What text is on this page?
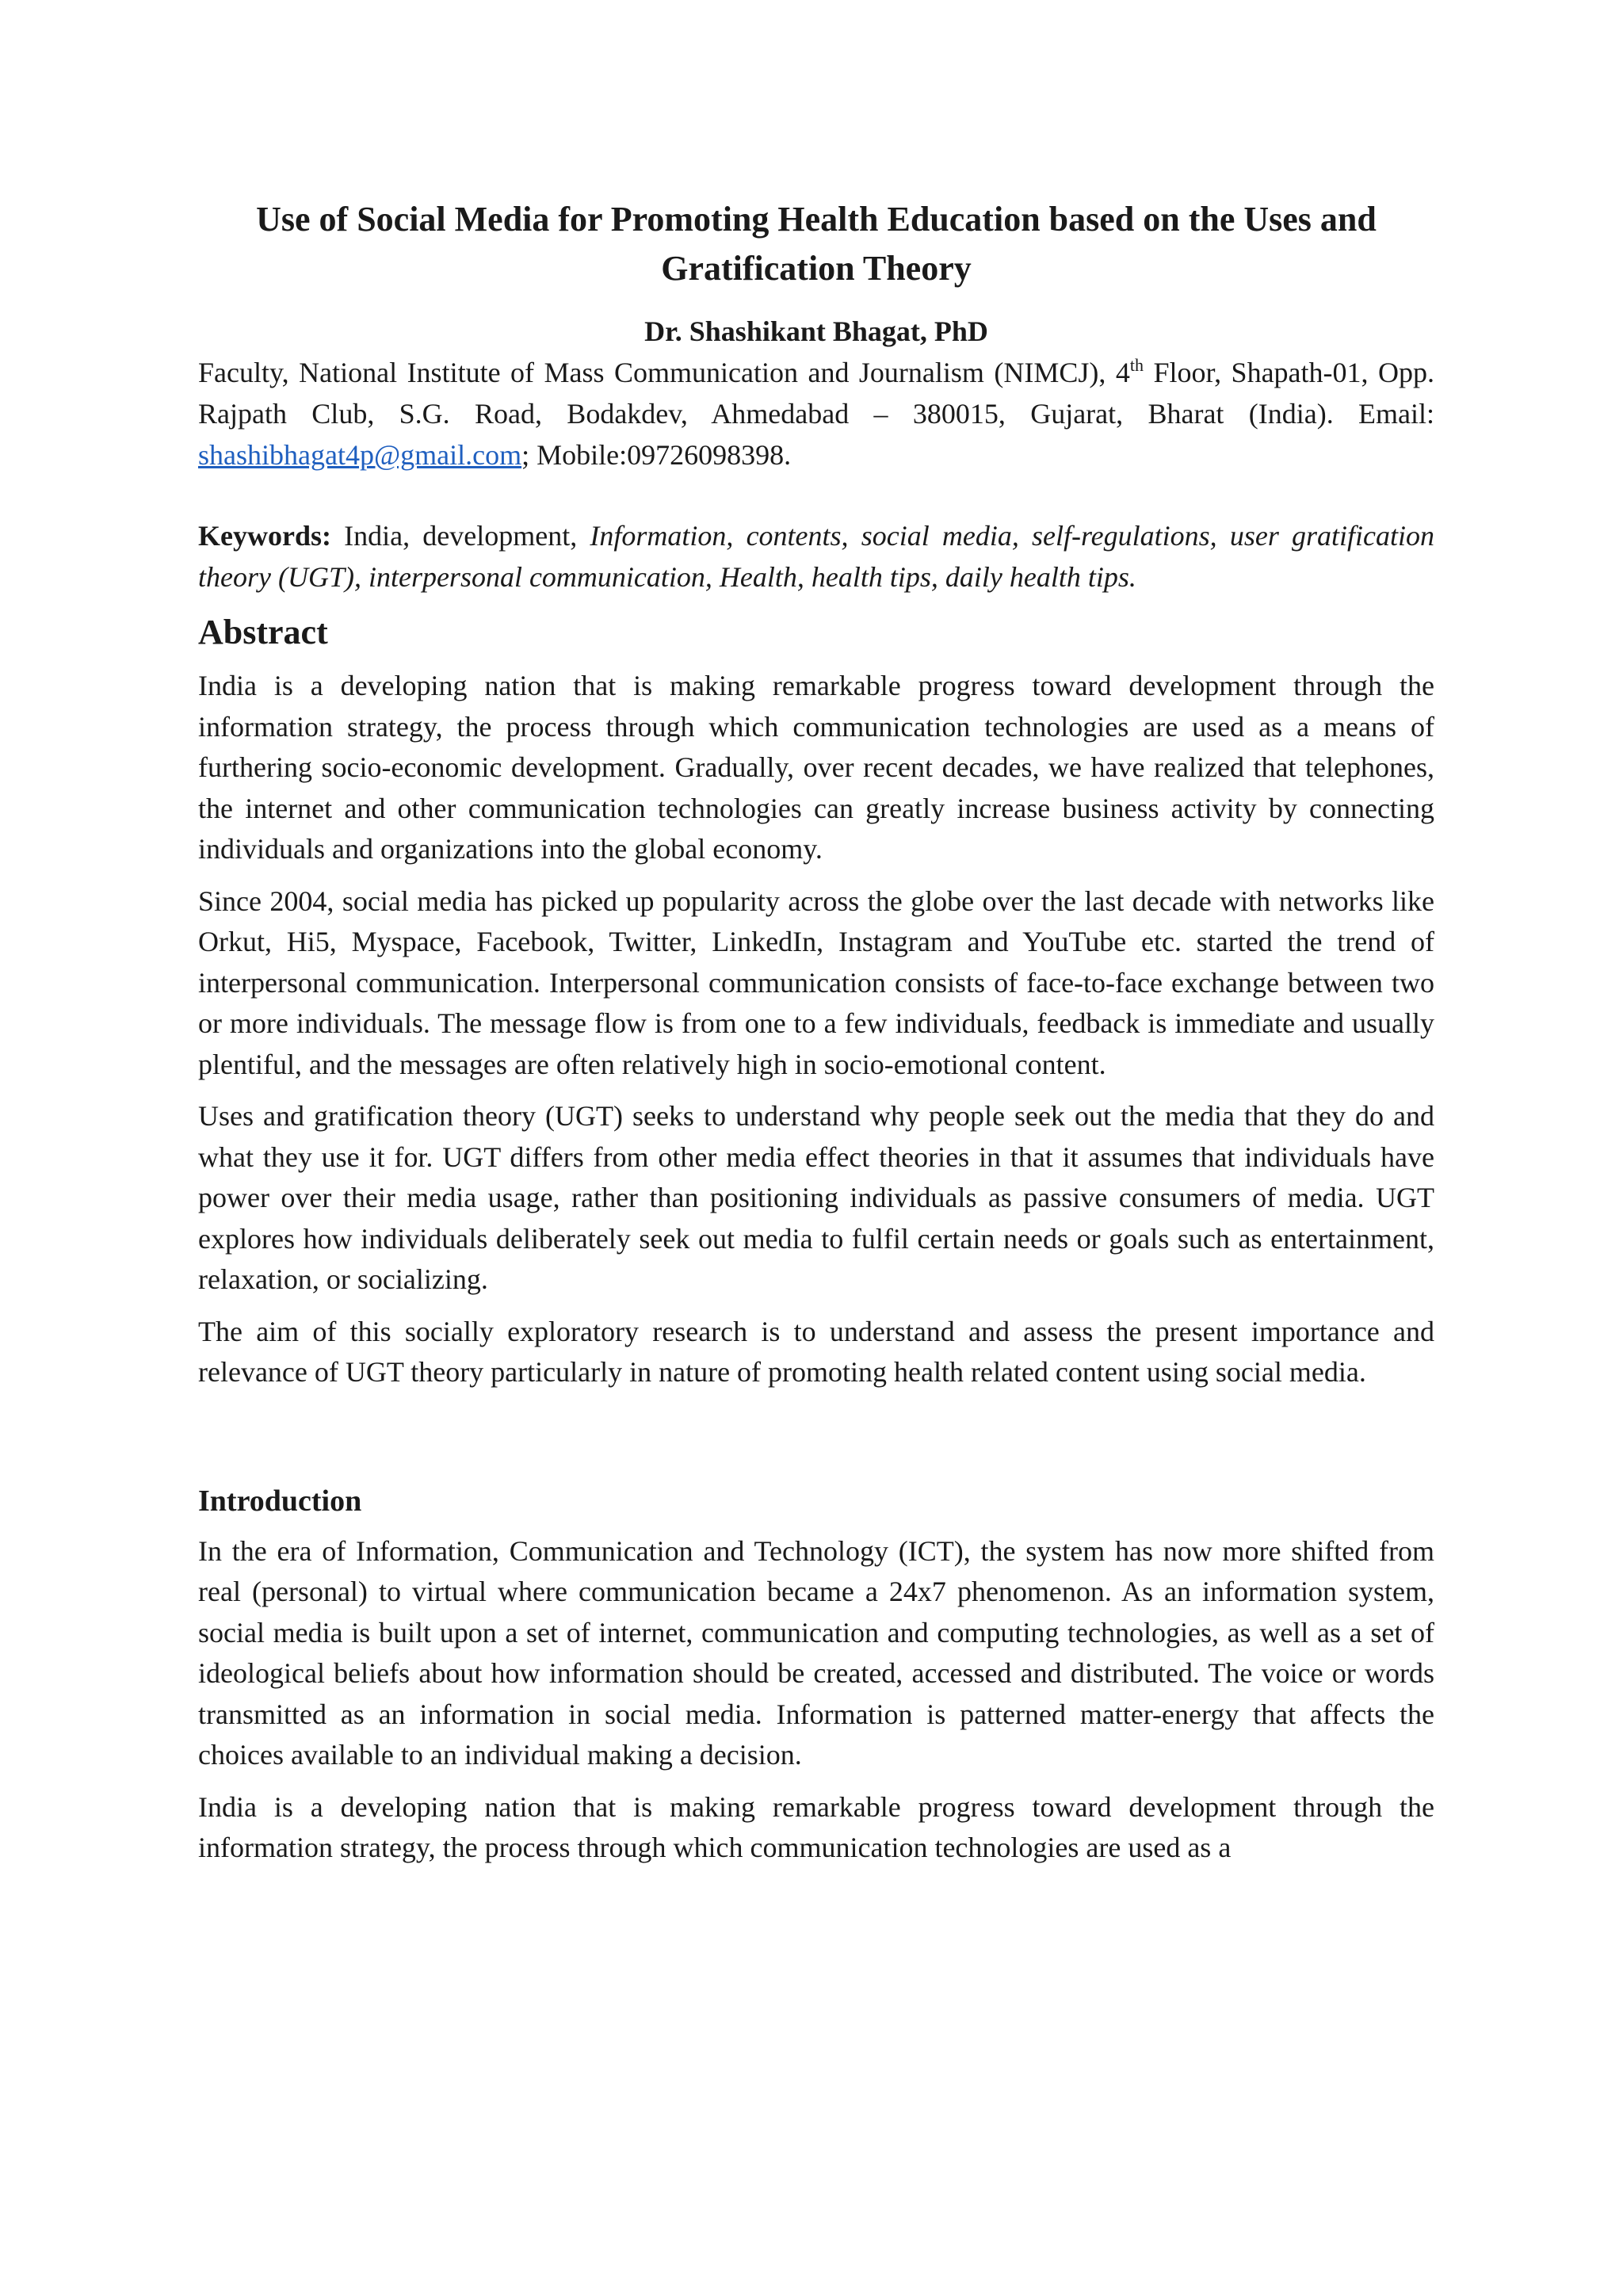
Use of Social Media for Promoting Health Education based on the Uses and Gratification Theory
Dr. Shashikant Bhagat, PhD
Faculty, National Institute of Mass Communication and Journalism (NIMCJ), 4th Floor, Shapath-01, Opp. Rajpath Club, S.G. Road, Bodakdev, Ahmedabad – 380015, Gujarat, Bharat (India). Email: shashibhagat4p@gmail.com; Mobile:09726098398.
Keywords: India, development, Information, contents, social media, self-regulations, user gratification theory (UGT), interpersonal communication, Health, health tips, daily health tips.
Abstract

India is a developing nation that is making remarkable progress toward development through the information strategy, the process through which communication technologies are used as a means of furthering socio-economic development. Gradually, over recent decades, we have realized that telephones, the internet and other communication technologies can greatly increase business activity by connecting individuals and organizations into the global economy.

Since 2004, social media has picked up popularity across the globe over the last decade with networks like Orkut, Hi5, Myspace, Facebook, Twitter, LinkedIn, Instagram and YouTube etc. started the trend of interpersonal communication. Interpersonal communication consists of face-to-face exchange between two or more individuals. The message flow is from one to a few individuals, feedback is immediate and usually plentiful, and the messages are often relatively high in socio-emotional content.

Uses and gratification theory (UGT) seeks to understand why people seek out the media that they do and what they use it for. UGT differs from other media effect theories in that it assumes that individuals have power over their media usage, rather than positioning individuals as passive consumers of media. UGT explores how individuals deliberately seek out media to fulfil certain needs or goals such as entertainment, relaxation, or socializing.

The aim of this socially exploratory research is to understand and assess the present importance and relevance of UGT theory particularly in nature of promoting health related content using social media.

Introduction

In the era of Information, Communication and Technology (ICT), the system has now more shifted from real (personal) to virtual where communication became a 24x7 phenomenon. As an information system, social media is built upon a set of internet, communication and computing technologies, as well as a set of ideological beliefs about how information should be created, accessed and distributed. The voice or words transmitted as an information in social media. Information is patterned matter-energy that affects the choices available to an individual making a decision.

India is a developing nation that is making remarkable progress toward development through the information strategy, the process through which communication technologies are used as a
